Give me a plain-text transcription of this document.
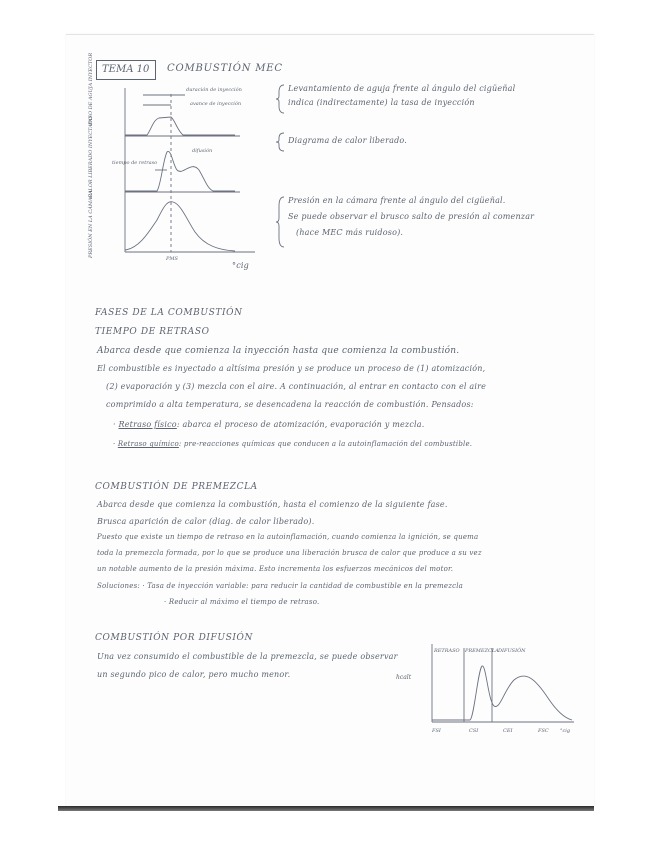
TEMA 10 COMBUSTIÓN MEC
PASO DE AGUJA INYECTOR
CALOR LIBERADO INYECTADO
PRESIÓN EN LA CÁMARA
duración de inyección
avance de inyección
tiempo de retraso
difusión
PMS
°cig
Levantamiento de aguja frente al ángulo del cigüeñal
indica (indirectamente) la tasa de inyección
Diagrama de calor liberado.
Presión en la cámara frente al ángulo del cigüeñal.
Se puede observar el brusco salto de presión al comenzar
(hace MEC más ruidoso).
FASES DE LA COMBUSTIÓN
TIEMPO DE RETRASO
Abarca desde que comienza la inyección hasta que comienza la combustión.
El combustible es inyectado a altísima presión y se produce un proceso de (1) atomización,
(2) evaporación y (3) mezcla con el aire. A continuación, al entrar en contacto con el aire
comprimido a alta temperatura, se desencadena la reacción de combustión. Pensados:
· Retraso físico: abarca el proceso de atomización, evaporación y mezcla.
· Retraso químico: pre-reacciones químicas que conducen a la autoinflamación del combustible.
COMBUSTIÓN DE PREMEZCLA
Abarca desde que comienza la combustión, hasta el comienzo de la siguiente fase.
Brusca aparición de calor (diag. de calor liberado).
Puesto que existe un tiempo de retraso en la autoinflamación, cuando comienza la ignición, se quema
toda la premezcla formada, por lo que se produce una liberación brusca de calor que produce a su vez
un notable aumento de la presión máxima. Esto incrementa los esfuerzos mecánicos del motor.
Soluciones: · Tasa de inyección variable: para reducir la cantidad de combustible en la premezcla
· Reducir al máximo el tiempo de retraso.
COMBUSTIÓN POR DIFUSIÓN
Una vez consumido el combustible de la premezcla, se puede observar
un segundo pico de calor, pero mucho menor.	hcalt
RETRASO PREMEZCLA DIFUSIÓN
FSI	CSI	CEI	FSC °cig
